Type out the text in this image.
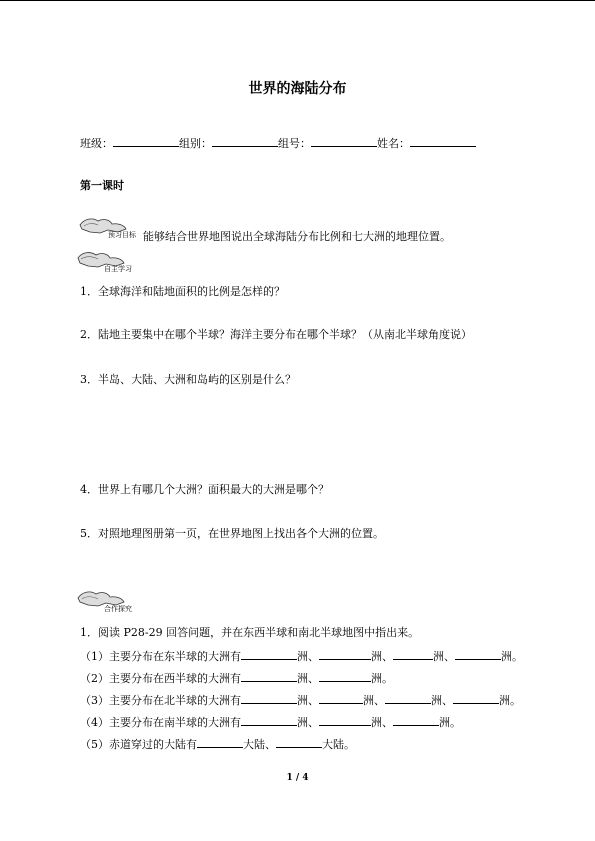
世界的海陆分布
班级：	组别：	组号：	姓名：
第一课时
预习目标 能够结合世界地图说出全球海陆分布比例和七大洲的地理位置。
自主学习
1．全球海洋和陆地面积的比例是怎样的？
2．陆地主要集中在哪个半球？海洋主要分布在哪个半球？（从南北半球角度说）
3．半岛、大陆、大洲和岛屿的区别是什么？
4．世界上有哪几个大洲？面积最大的大洲是哪个？
5．对照地理图册第一页，在世界地图上找出各个大洲的位置。
合作探究
1．阅读 P28-29 回答问题，并在东西半球和南北半球地图中指出来。
（1）主要分布在东半球的大洲有	洲、	洲、	洲、	洲。
（2）主要分布在西半球的大洲有	洲、	洲。
（3）主要分布在北半球的大洲有	洲、	洲、	洲、	洲。
（4）主要分布在南半球的大洲有	洲、	洲、	洲。
（5）赤道穿过的大陆有	大陆、	大陆。
1 / 4
